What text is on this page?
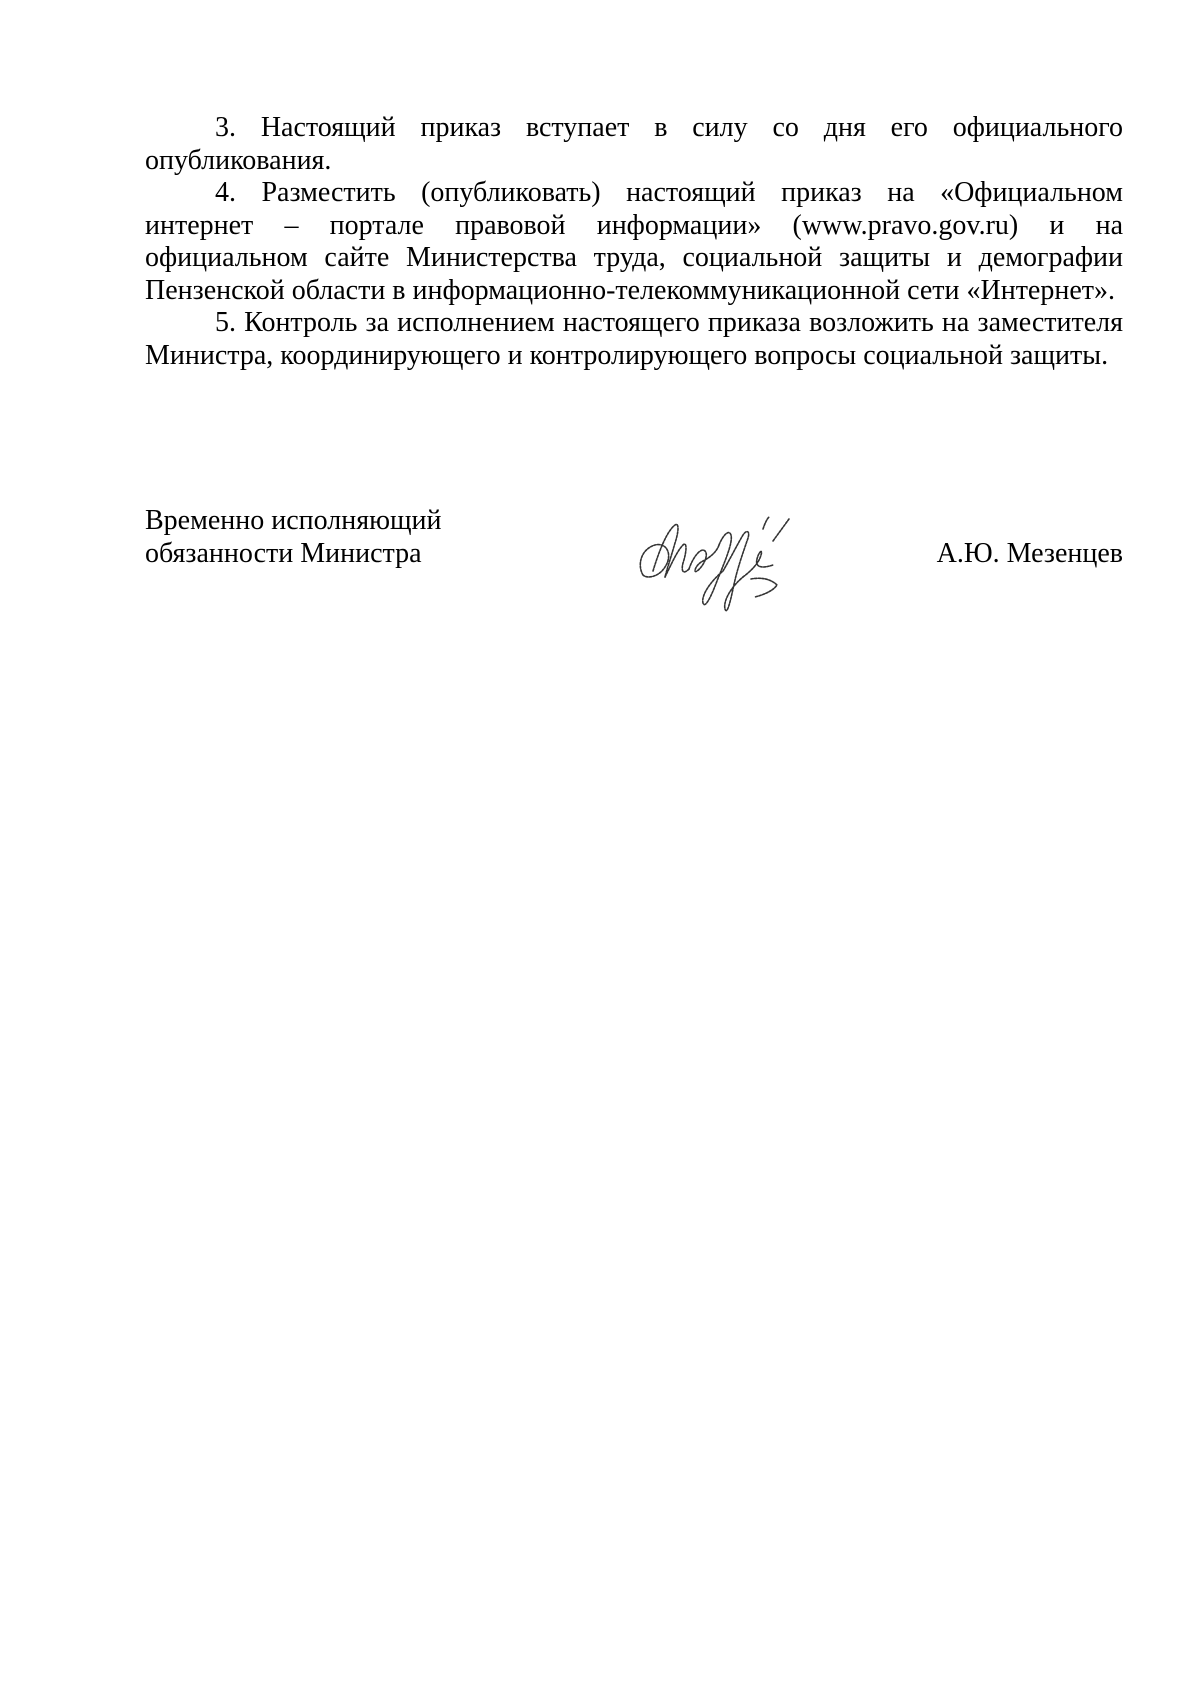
3. Настоящий приказ вступает в силу со дня его официального опубликования.

4. Разместить (опубликовать) настоящий приказ на «Официальном интернет – портале правовой информации» (www.pravo.gov.ru) и на официальном сайте Министерства труда, социальной защиты и демографии Пензенской области в информационно-телекоммуникационной сети «Интернет».

5. Контроль за исполнением настоящего приказа возложить на заместителя Министра, координирующего и контролирующего вопросы социальной защиты.

Временно исполняющий
обязанности Министра	А.Ю. Мезенцев
